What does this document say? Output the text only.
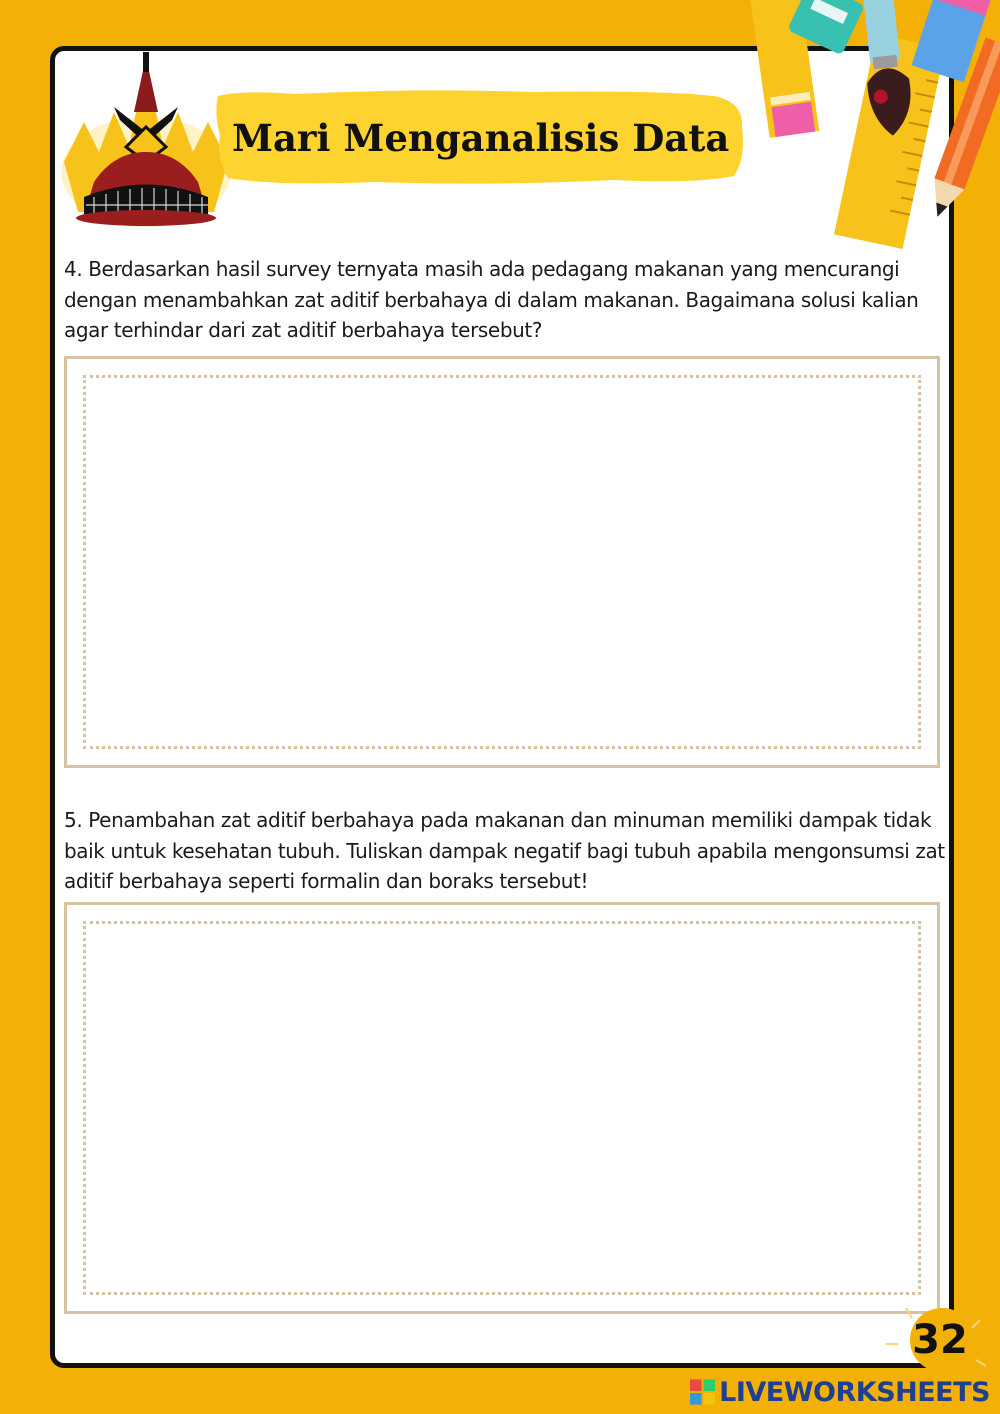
Mari Menganalisis Data
4. Berdasarkan hasil survey ternyata masih ada pedagang makanan yang mencurangi dengan menambahkan zat aditif berbahaya di dalam makanan. Bagaimana solusi kalian agar terhindar dari zat aditif berbahaya tersebut?
5. Penambahan zat aditif berbahaya pada makanan dan minuman memiliki dampak tidak baik untuk kesehatan tubuh. Tuliskan dampak negatif bagi tubuh apabila mengonsumsi zat aditif berbahaya seperti formalin dan boraks tersebut!
32
LIVEWORKSHEETS
